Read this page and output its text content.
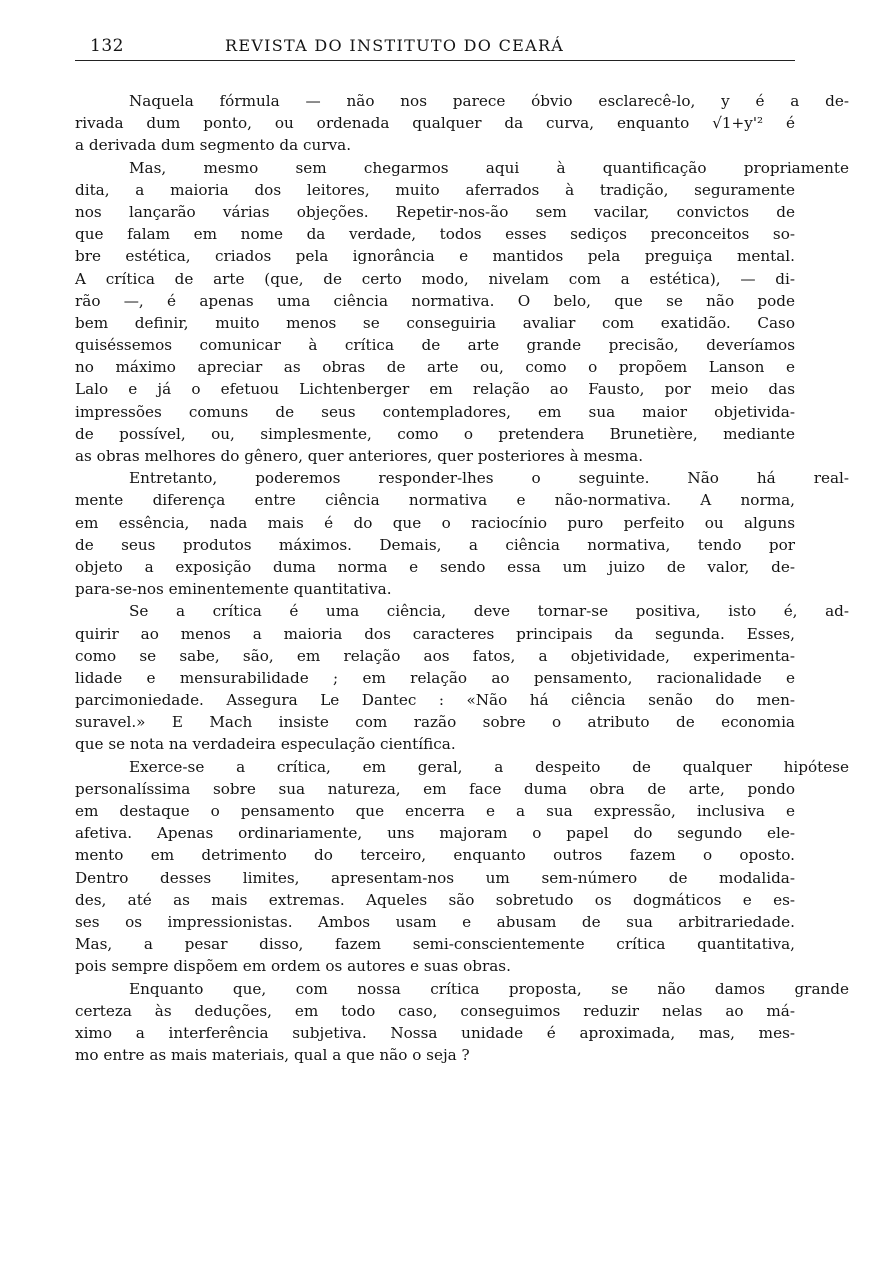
132	REVISTA DO INSTITUTO DO CEARÁ
Naquela fórmula — não nos parece óbvio esclarecê-lo, y é a de-
rivada dum ponto, ou ordenada qualquer da curva, enquanto √1+y'² é
a derivada dum segmento da curva.
Mas, mesmo sem chegarmos aqui à quantificação propriamente
dita, a maioria dos leitores, muito aferrados à tradição, seguramente
nos lançarão várias objeções. Repetir-nos-ão sem vacilar, convictos de
que falam em nome da verdade, todos esses sediços preconceitos so-
bre estética, criados pela ignorância e mantidos pela preguiça mental.
A crítica de arte (que, de certo modo, nivelam com a estética), — di-
rão —, é apenas uma ciência normativa. O belo, que se não pode
bem definir, muito menos se conseguiria avaliar com exatidão. Caso
quiséssemos comunicar à crítica de arte grande precisão, deveríamos
no máximo apreciar as obras de arte ou, como o propõem Lanson e
Lalo e já o efetuou Lichtenberger em relação ao Fausto, por meio das
impressões comuns de seus contempladores, em sua maior objetivida-
de possível, ou, simplesmente, como o pretendera Brunetière, mediante
as obras melhores do gênero, quer anteriores, quer posteriores à mesma.
Entretanto, poderemos responder-lhes o seguinte. Não há real-
mente diferença entre ciência normativa e não-normativa. A norma,
em essência, nada mais é do que o raciocínio puro perfeito ou alguns
de seus produtos máximos. Demais, a ciência normativa, tendo por
objeto a exposição duma norma e sendo essa um juizo de valor, de-
para-se-nos eminentemente quantitativa.
Se a crítica é uma ciência, deve tornar-se positiva, isto é, ad-
quirir ao menos a maioria dos caracteres principais da segunda. Esses,
como se sabe, são, em relação aos fatos, a objetividade, experimenta-
lidade e mensurabilidade ; em relação ao pensamento, racionalidade e
parcimoniedade. Assegura Le Dantec : «Não há ciência senão do men-
suravel.» E Mach insiste com razão sobre o atributo de economia
que se nota na verdadeira especulação científica.
Exerce-se a crítica, em geral, a despeito de qualquer hipótese
personalíssima sobre sua natureza, em face duma obra de arte, pondo
em destaque o pensamento que encerra e a sua expressão, inclusiva e
afetiva. Apenas ordinariamente, uns majoram o papel do segundo ele-
mento em detrimento do terceiro, enquanto outros fazem o oposto.
Dentro desses limites, apresentam-nos um sem-número de modalida-
des, até as mais extremas. Aqueles são sobretudo os dogmáticos e es-
ses os impressionistas. Ambos usam e abusam de sua arbitrariedade.
Mas, a pesar disso, fazem semi-conscientemente crítica quantitativa,
pois sempre dispõem em ordem os autores e suas obras.
Enquanto que, com nossa crítica proposta, se não damos grande
certeza às deduções, em todo caso, conseguimos reduzir nelas ao má-
ximo a interferência subjetiva. Nossa unidade é aproximada, mas, mes-
mo entre as mais materiais, qual a que não o seja ?
